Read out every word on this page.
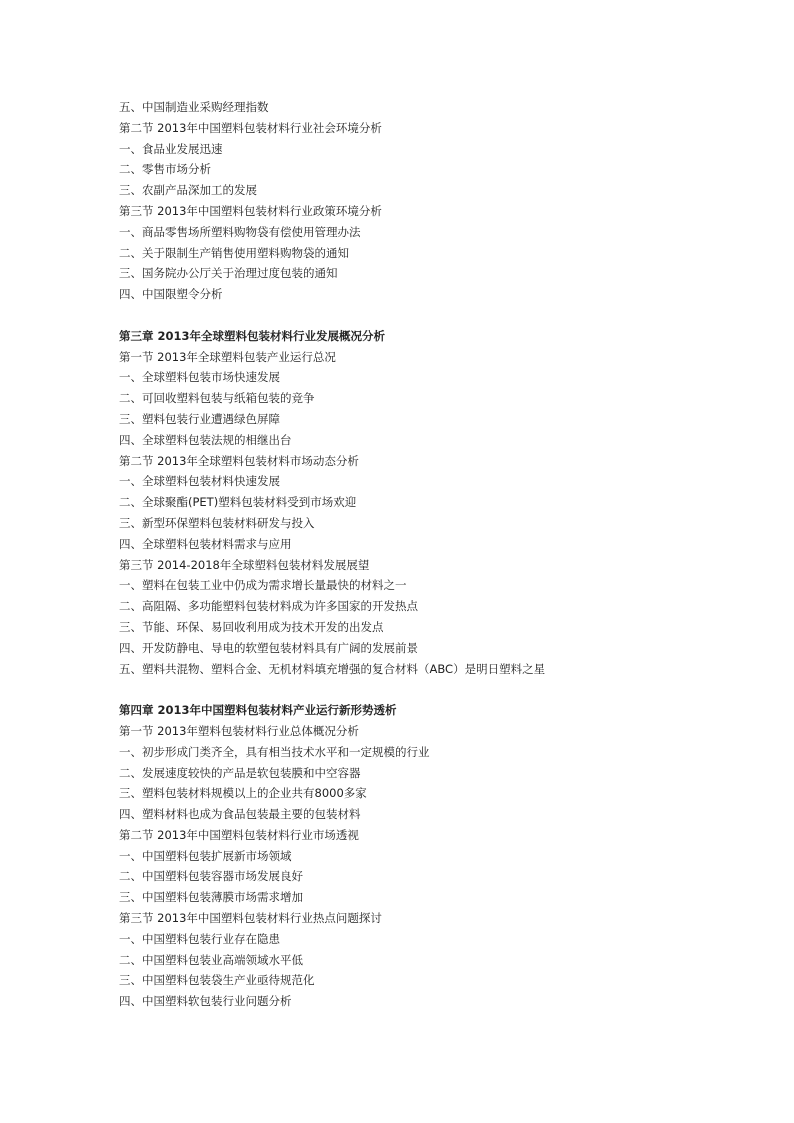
五、中国制造业采购经理指数
第二节 2013年中国塑料包装材料行业社会环境分析
一、食品业发展迅速
二、零售市场分析
三、农副产品深加工的发展
第三节 2013年中国塑料包装材料行业政策环境分析
一、商品零售场所塑料购物袋有偿使用管理办法
二、关于限制生产销售使用塑料购物袋的通知
三、国务院办公厅关于治理过度包装的通知
四、中国限塑令分析
第三章 2013年全球塑料包装材料行业发展概况分析
第一节 2013年全球塑料包装产业运行总况
一、全球塑料包装市场快速发展
二、可回收塑料包装与纸箱包装的竞争
三、塑料包装行业遭遇绿色屏障
四、全球塑料包装法规的相继出台
第二节 2013年全球塑料包装材料市场动态分析
一、全球塑料包装材料快速发展
二、全球聚酯(PET)塑料包装材料受到市场欢迎
三、新型环保塑料包装材料研发与投入
四、全球塑料包装材料需求与应用
第三节 2014-2018年全球塑料包装材料发展展望
一、塑料在包装工业中仍成为需求增长量最快的材料之一
二、高阻隔、多功能塑料包装材料成为许多国家的开发热点
三、节能、环保、易回收利用成为技术开发的出发点
四、开发防静电、导电的软塑包装材料具有广阔的发展前景
五、塑料共混物、塑料合金、无机材料填充增强的复合材料（ABC）是明日塑料之星
第四章 2013年中国塑料包装材料产业运行新形势透析
第一节 2013年塑料包装材料行业总体概况分析
一、初步形成门类齐全，具有相当技术水平和一定规模的行业
二、发展速度较快的产品是软包装膜和中空容器
三、塑料包装材料规模以上的企业共有8000多家
四、塑料材料也成为食品包装最主要的包装材料
第二节 2013年中国塑料包装材料行业市场透视
一、中国塑料包装扩展新市场领域
二、中国塑料包装容器市场发展良好
三、中国塑料包装薄膜市场需求增加
第三节 2013年中国塑料包装材料行业热点问题探讨
一、中国塑料包装行业存在隐患
二、中国塑料包装业高端领域水平低
三、中国塑料包装袋生产业亟待规范化
四、中国塑料软包装行业问题分析
